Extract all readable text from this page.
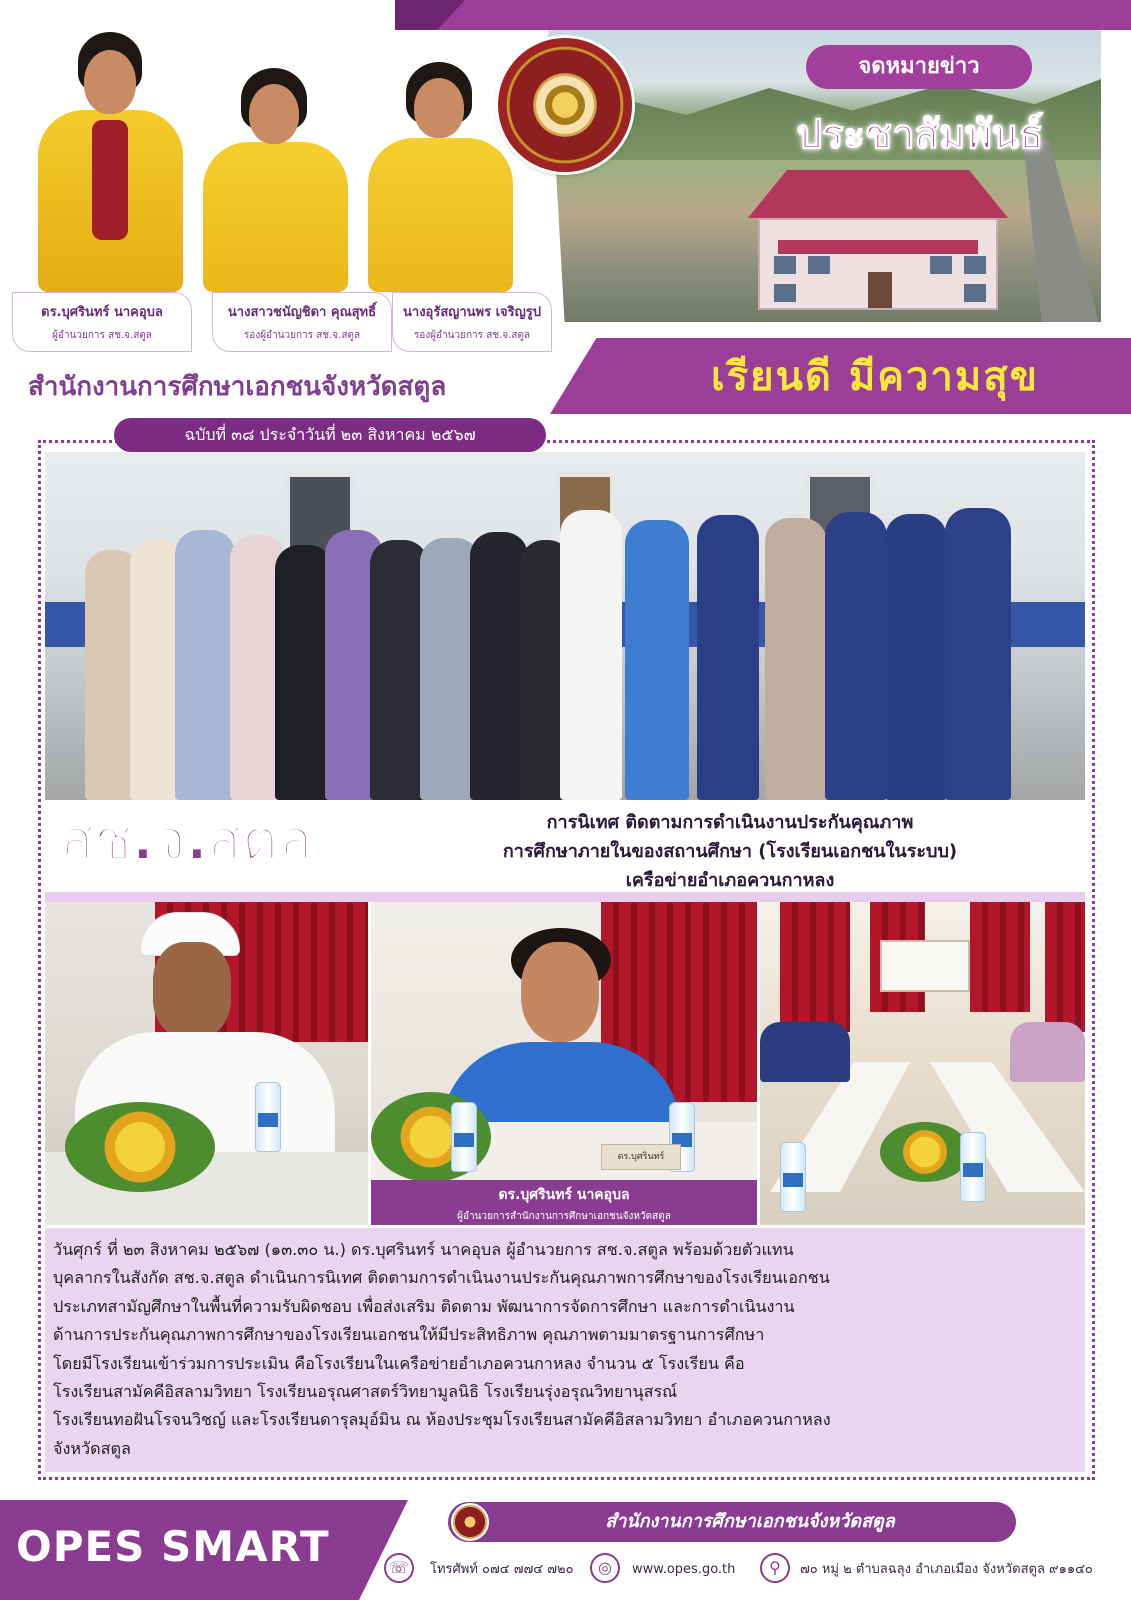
จดหมายข่าว
ประชาสัมพันธ์
ดร.บุศรินทร์ นาคอุบล
ผู้อำนวยการ สช.จ.สตูล
นางสาวชนัญชิดา คุณสุทธิ์
รองผู้อำนวยการ สช.จ.สตูล
นางอุรัสญานพร เจริญรูป
รองผู้อำนวยการ สช.จ.สตูล
สำนักงานการศึกษาเอกชนจังหวัดสตูล	เรียนดี มีความสุข
ฉบับที่ ๓๘ ประจำวันที่ ๒๓ สิงหาคม ๒๕๖๗
สช.จ.สตูล	การนิเทศ ติดตามการดำเนินงานประกันคุณภาพ
การศึกษาภายในของสถานศึกษา (โรงเรียนเอกชนในระบบ)
เครือข่ายอำเภอควนกาหลง
ดร.บุศรินทร์
ดร.บุศรินทร์ นาคอุบล
ผู้อำนวยการสำนักงานการศึกษาเอกชนจังหวัดสตูล
วันศุกร์ ที่ ๒๓ สิงหาคม ๒๕๖๗ (๑๓.๓๐ น.) ดร.บุศรินทร์ นาคอุบล ผู้อำนวยการ สช.จ.สตูล พร้อมด้วยตัวแทน
บุคลากรในสังกัด สช.จ.สตูล ดำเนินการนิเทศ ติดตามการดำเนินงานประกันคุณภาพการศึกษาของโรงเรียนเอกชน
ประเภทสามัญศึกษาในพื้นที่ความรับผิดชอบ เพื่อส่งเสริม ติดตาม พัฒนาการจัดการศึกษา และการดำเนินงาน
ด้านการประกันคุณภาพการศึกษาของโรงเรียนเอกชนให้มีประสิทธิภาพ คุณภาพตามมาตรฐานการศึกษา
โดยมีโรงเรียนเข้าร่วมการประเมิน คือโรงเรียนในเครือข่ายอำเภอควนกาหลง จำนวน ๕ โรงเรียน คือ
โรงเรียนสามัคคีอิสลามวิทยา โรงเรียนอรุณศาสตร์วิทยามูลนิธิ โรงเรียนรุ่งอรุณวิทยานุสรณ์
โรงเรียนทอฝันโรจนวิชญ์ และโรงเรียนดารุลมุอ์มิน ณ ห้องประชุมโรงเรียนสามัคคีอิสลามวิทยา อำเภอควนกาหลง
จังหวัดสตูล
OPES SMART
สำนักงานการศึกษาเอกชนจังหวัดสตูล
☏	โทรศัพท์ ๐๗๔ ๗๗๔ ๗๒๐	◎	www.opes.go.th	⚲	๗๐ หมู่ ๒ ตำบลฉลุง อำเภอเมือง จังหวัดสตูล ๙๑๑๔๐
